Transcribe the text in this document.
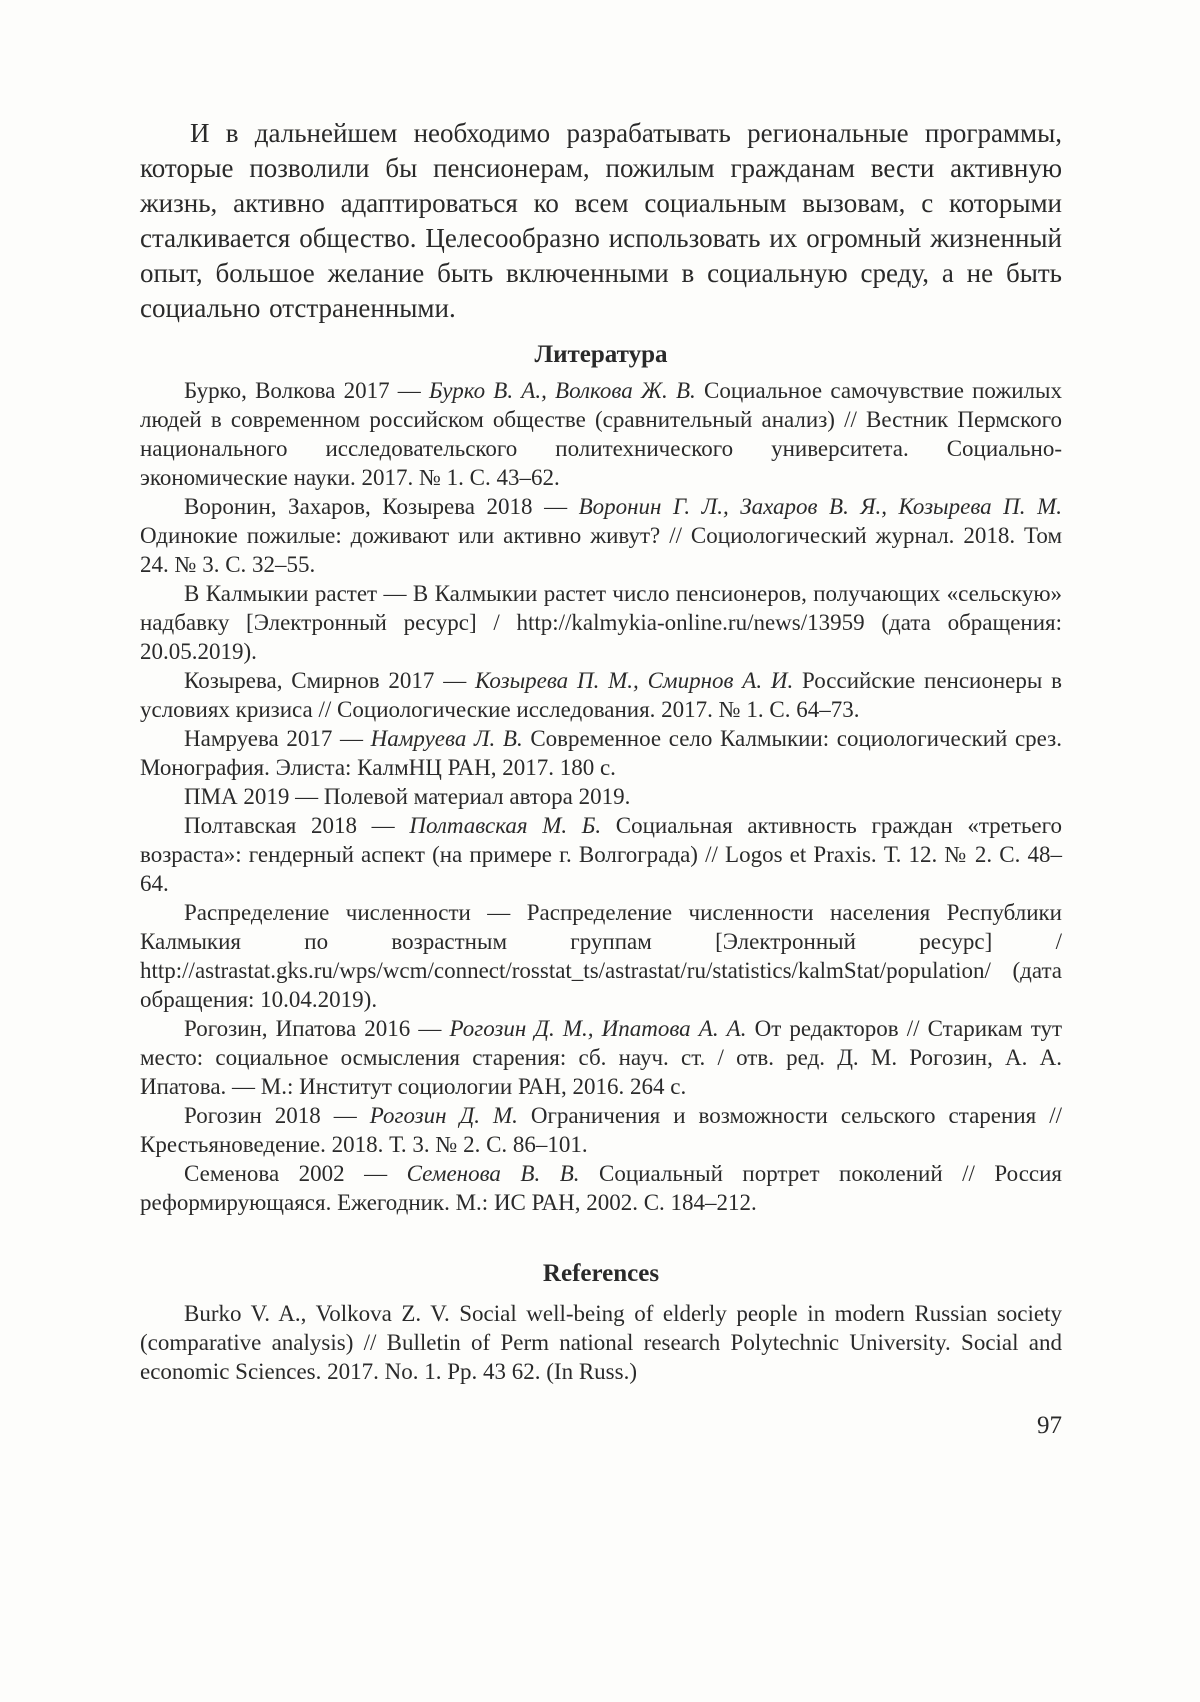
И в дальнейшем необходимо разрабатывать региональные программы, которые позволили бы пенсионерам, пожилым гражданам вести активную жизнь, активно адаптироваться ко всем социальным вызовам, с которыми сталкивается общество. Целесообразно использовать их огромный жизненный опыт, большое желание быть включенными в социальную среду, а не быть социально отстраненными.

Литература

Бурко, Волкова 2017 — Бурко В. А., Волкова Ж. В. Социальное самочувствие пожилых людей в современном российском обществе (сравнительный анализ) // Вестник Пермского национального исследовательского политехнического университета. Социально-экономические науки. 2017. № 1. С. 43–62.

Воронин, Захаров, Козырева 2018 — Воронин Г. Л., Захаров В. Я., Козырева П. М. Одинокие пожилые: доживают или активно живут? // Социологический журнал. 2018. Том 24. № 3. С. 32–55.

В Калмыкии растет — В Калмыкии растет число пенсионеров, получающих «сельскую» надбавку [Электронный ресурс] / http://kalmykia-online.ru/news/13959 (дата обращения: 20.05.2019).

Козырева, Смирнов 2017 — Козырева П. М., Смирнов А. И. Российские пенсионеры в условиях кризиса // Социологические исследования. 2017. № 1. С. 64–73.

Намруева 2017 — Намруева Л. В. Современное село Калмыкии: социологический срез. Монография. Элиста: КалмНЦ РАН, 2017. 180 с.

ПМА 2019 — Полевой материал автора 2019.

Полтавская 2018 — Полтавская М. Б. Социальная активность граждан «третьего возраста»: гендерный аспект (на примере г. Волгограда) // Logos et Praxis. Т. 12. № 2. С. 48–64.

Распределение численности — Распределение численности населения Республики Калмыкия по возрастным группам [Электронный ресурс] / http://astrastat.gks.ru/wps/wcm/connect/rosstat_ts/astrastat/ru/statistics/kalmStat/population/ (дата обращения: 10.04.2019).

Рогозин, Ипатова 2016 — Рогозин Д. М., Ипатова А. А. От редакторов // Старикам тут место: социальное осмысления старения: сб. науч. ст. / отв. ред. Д. М. Рогозин, А. А. Ипатова. — М.: Институт социологии РАН, 2016. 264 с.

Рогозин 2018 — Рогозин Д. М. Ограничения и возможности сельского старения // Крестьяноведение. 2018. Т. 3. № 2. С. 86–101.

Семенова 2002 — Семенова В. В. Социальный портрет поколений // Россия реформирующаяся. Ежегодник. М.: ИС РАН, 2002. С. 184–212.

References

Burko V. A., Volkova Z. V. Social well-being of elderly people in modern Russian society (comparative analysis) // Bulletin of Perm national research Polytechnic University. Social and economic Sciences. 2017. No. 1. Pp. 43 62. (In Russ.)

97
